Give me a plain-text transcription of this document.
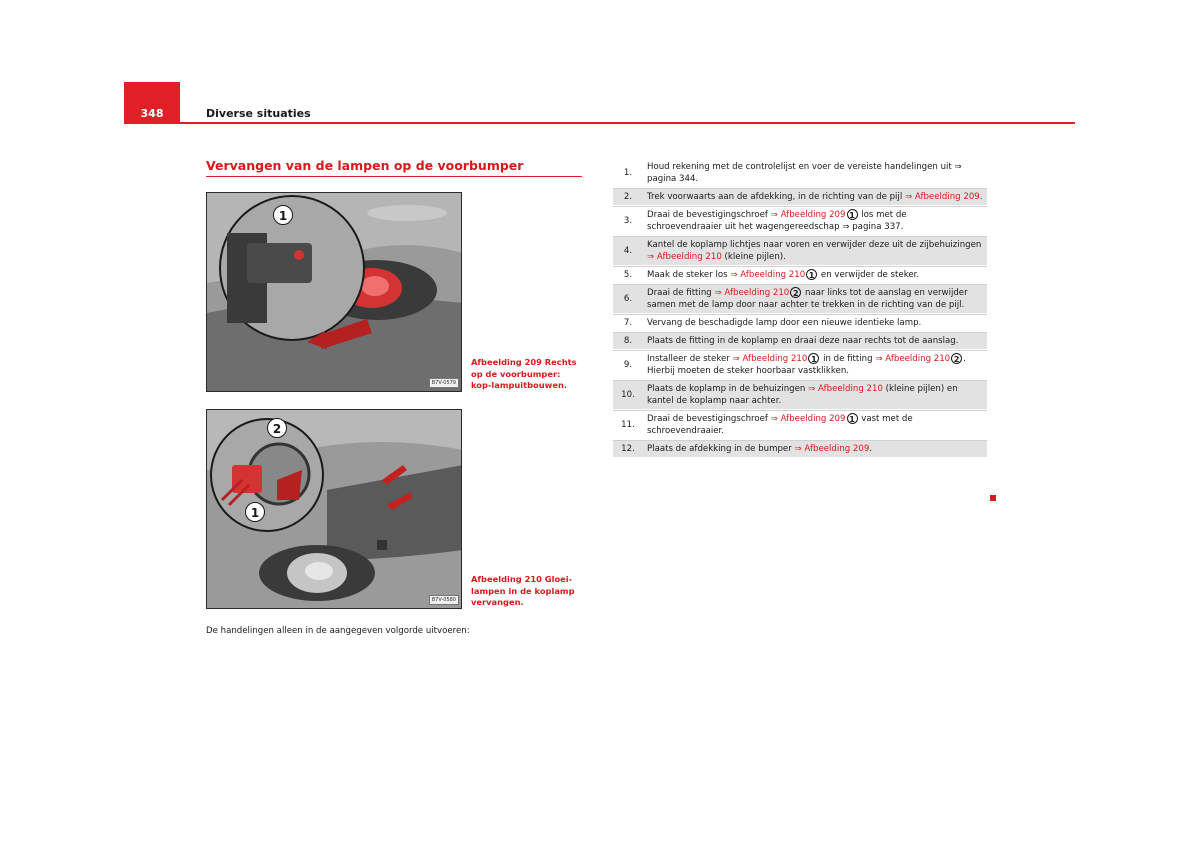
348	Diverse situaties
Vervangen van de lampen op de voorbumper
1
B7V-0579
Afbeelding 209 Rechts op de voorbumper: kop-lampuitbouwen.
2
1
B7V-0580
Afbeelding 210 Gloei-lampen in de koplamp vervangen.
De handelingen alleen in de aangegeven volgorde uitvoeren:
1.	Houd rekening met de controlelijst en voer de vereiste handelingen uit ⇒ pagina 344.
2.	Trek voorwaarts aan de afdekking, in de richting van de pijl ⇒ Afbeelding 209.
3.	Draai de bevestigingschroef ⇒ Afbeelding 209 1 los met de schroevendraaier uit het wagengereedschap ⇒ pagina 337.
4.	Kantel de koplamp lichtjes naar voren en verwijder deze uit de zijbehuizingen ⇒ Afbeelding 210 (kleine pijlen).
5.	Maak de steker los ⇒ Afbeelding 210 1 en verwijder de steker.
6.	Draai de fitting ⇒ Afbeelding 210 2 naar links tot de aanslag en verwijder samen met de lamp door naar achter te trekken in de richting van de pijl.
7.	Vervang de beschadigde lamp door een nieuwe identieke lamp.
8.	Plaats de fitting in de koplamp en draai deze naar rechts tot de aanslag.
9.	Installeer de steker ⇒ Afbeelding 210 1 in de fitting ⇒ Afbeelding 210 2 . Hierbij moeten de steker hoorbaar vastklikken.
10.	Plaats de koplamp in de behuizingen ⇒ Afbeelding 210 (kleine pijlen) en kantel de koplamp naar achter.
11.	Draai de bevestigingschroef ⇒ Afbeelding 209 1 vast met de schroevendraaier.
12.	Plaats de afdekking in de bumper ⇒ Afbeelding 209.
